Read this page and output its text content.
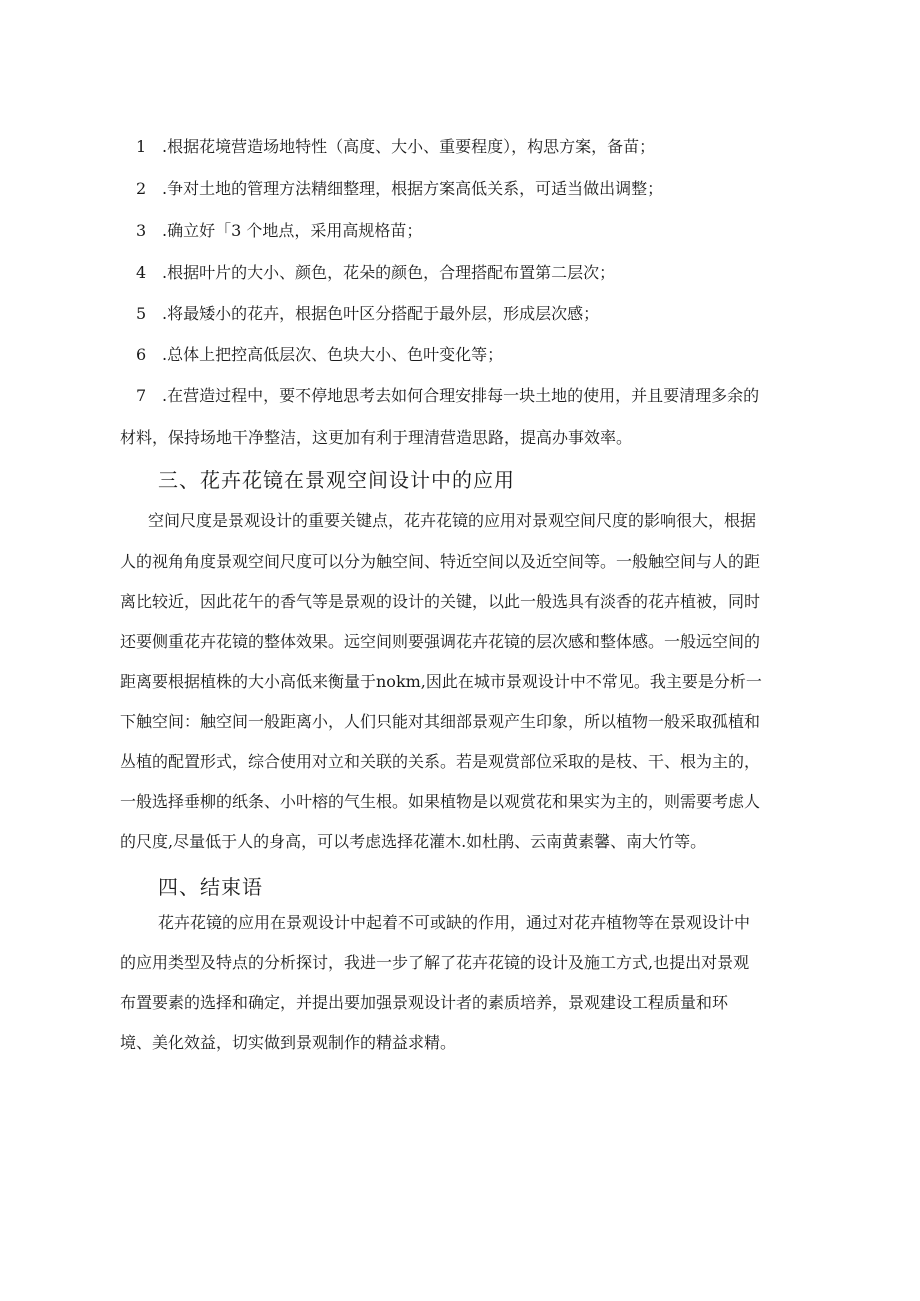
1 .根据花境营造场地特性（高度、大小、重要程度），构思方案，备苗；
2 .争对土地的管理方法精细整理，根据方案高低关系，可适当做出调整；
3 .确立好「3 个地点，采用高规格苗；
4 .根据叶片的大小、颜色，花朵的颜色，合理搭配布置第二层次；
5 .将最矮小的花卉，根据色叶区分搭配于最外层，形成层次感；
6 .总体上把控高低层次、色块大小、色叶变化等；
7 .在营造过程中，要不停地思考去如何合理安排每一块土地的使用，并且要清理多余的
材料，保持场地干净整洁，这更加有利于理清营造思路，提高办事效率。
三、花卉花镜在景观空间设计中的应用
空间尺度是景观设计的重要关键点，花卉花镜的应用对景观空间尺度的影响很大，根据
人的视角角度景观空间尺度可以分为触空间、特近空间以及近空间等。一般触空间与人的距
离比较近，因此花午的香气等是景观的设计的关键，以此一般选具有淡香的花卉植被，同时
还要侧重花卉花镜的整体效果。远空间则要强调花卉花镜的层次感和整体感。一般远空间的
距离要根据植株的大小高低来衡量于nokm,因此在城市景观设计中不常见。我主要是分析一
下触空间：触空间一般距离小，人们只能对其细部景观产生印象，所以植物一般采取孤植和
丛植的配置形式，综合使用对立和关联的关系。若是观赏部位采取的是枝、干、根为主的，
一般选择垂柳的纸条、小叶榕的气生根。如果植物是以观赏花和果实为主的，则需要考虑人
的尺度,尽量低于人的身高，可以考虑选择花灌木.如杜鹃、云南黄素馨、南大竹等。
四、结束语
花卉花镜的应用在景观设计中起着不可或缺的作用，通过对花卉植物等在景观设计中
的应用类型及特点的分析探讨，我进一步了解了花卉花镜的设计及施工方式,也提出对景观
布置要素的选择和确定，并提出要加强景观设计者的素质培养，景观建设工程质量和环
境、美化效益，切实做到景观制作的精益求精。
